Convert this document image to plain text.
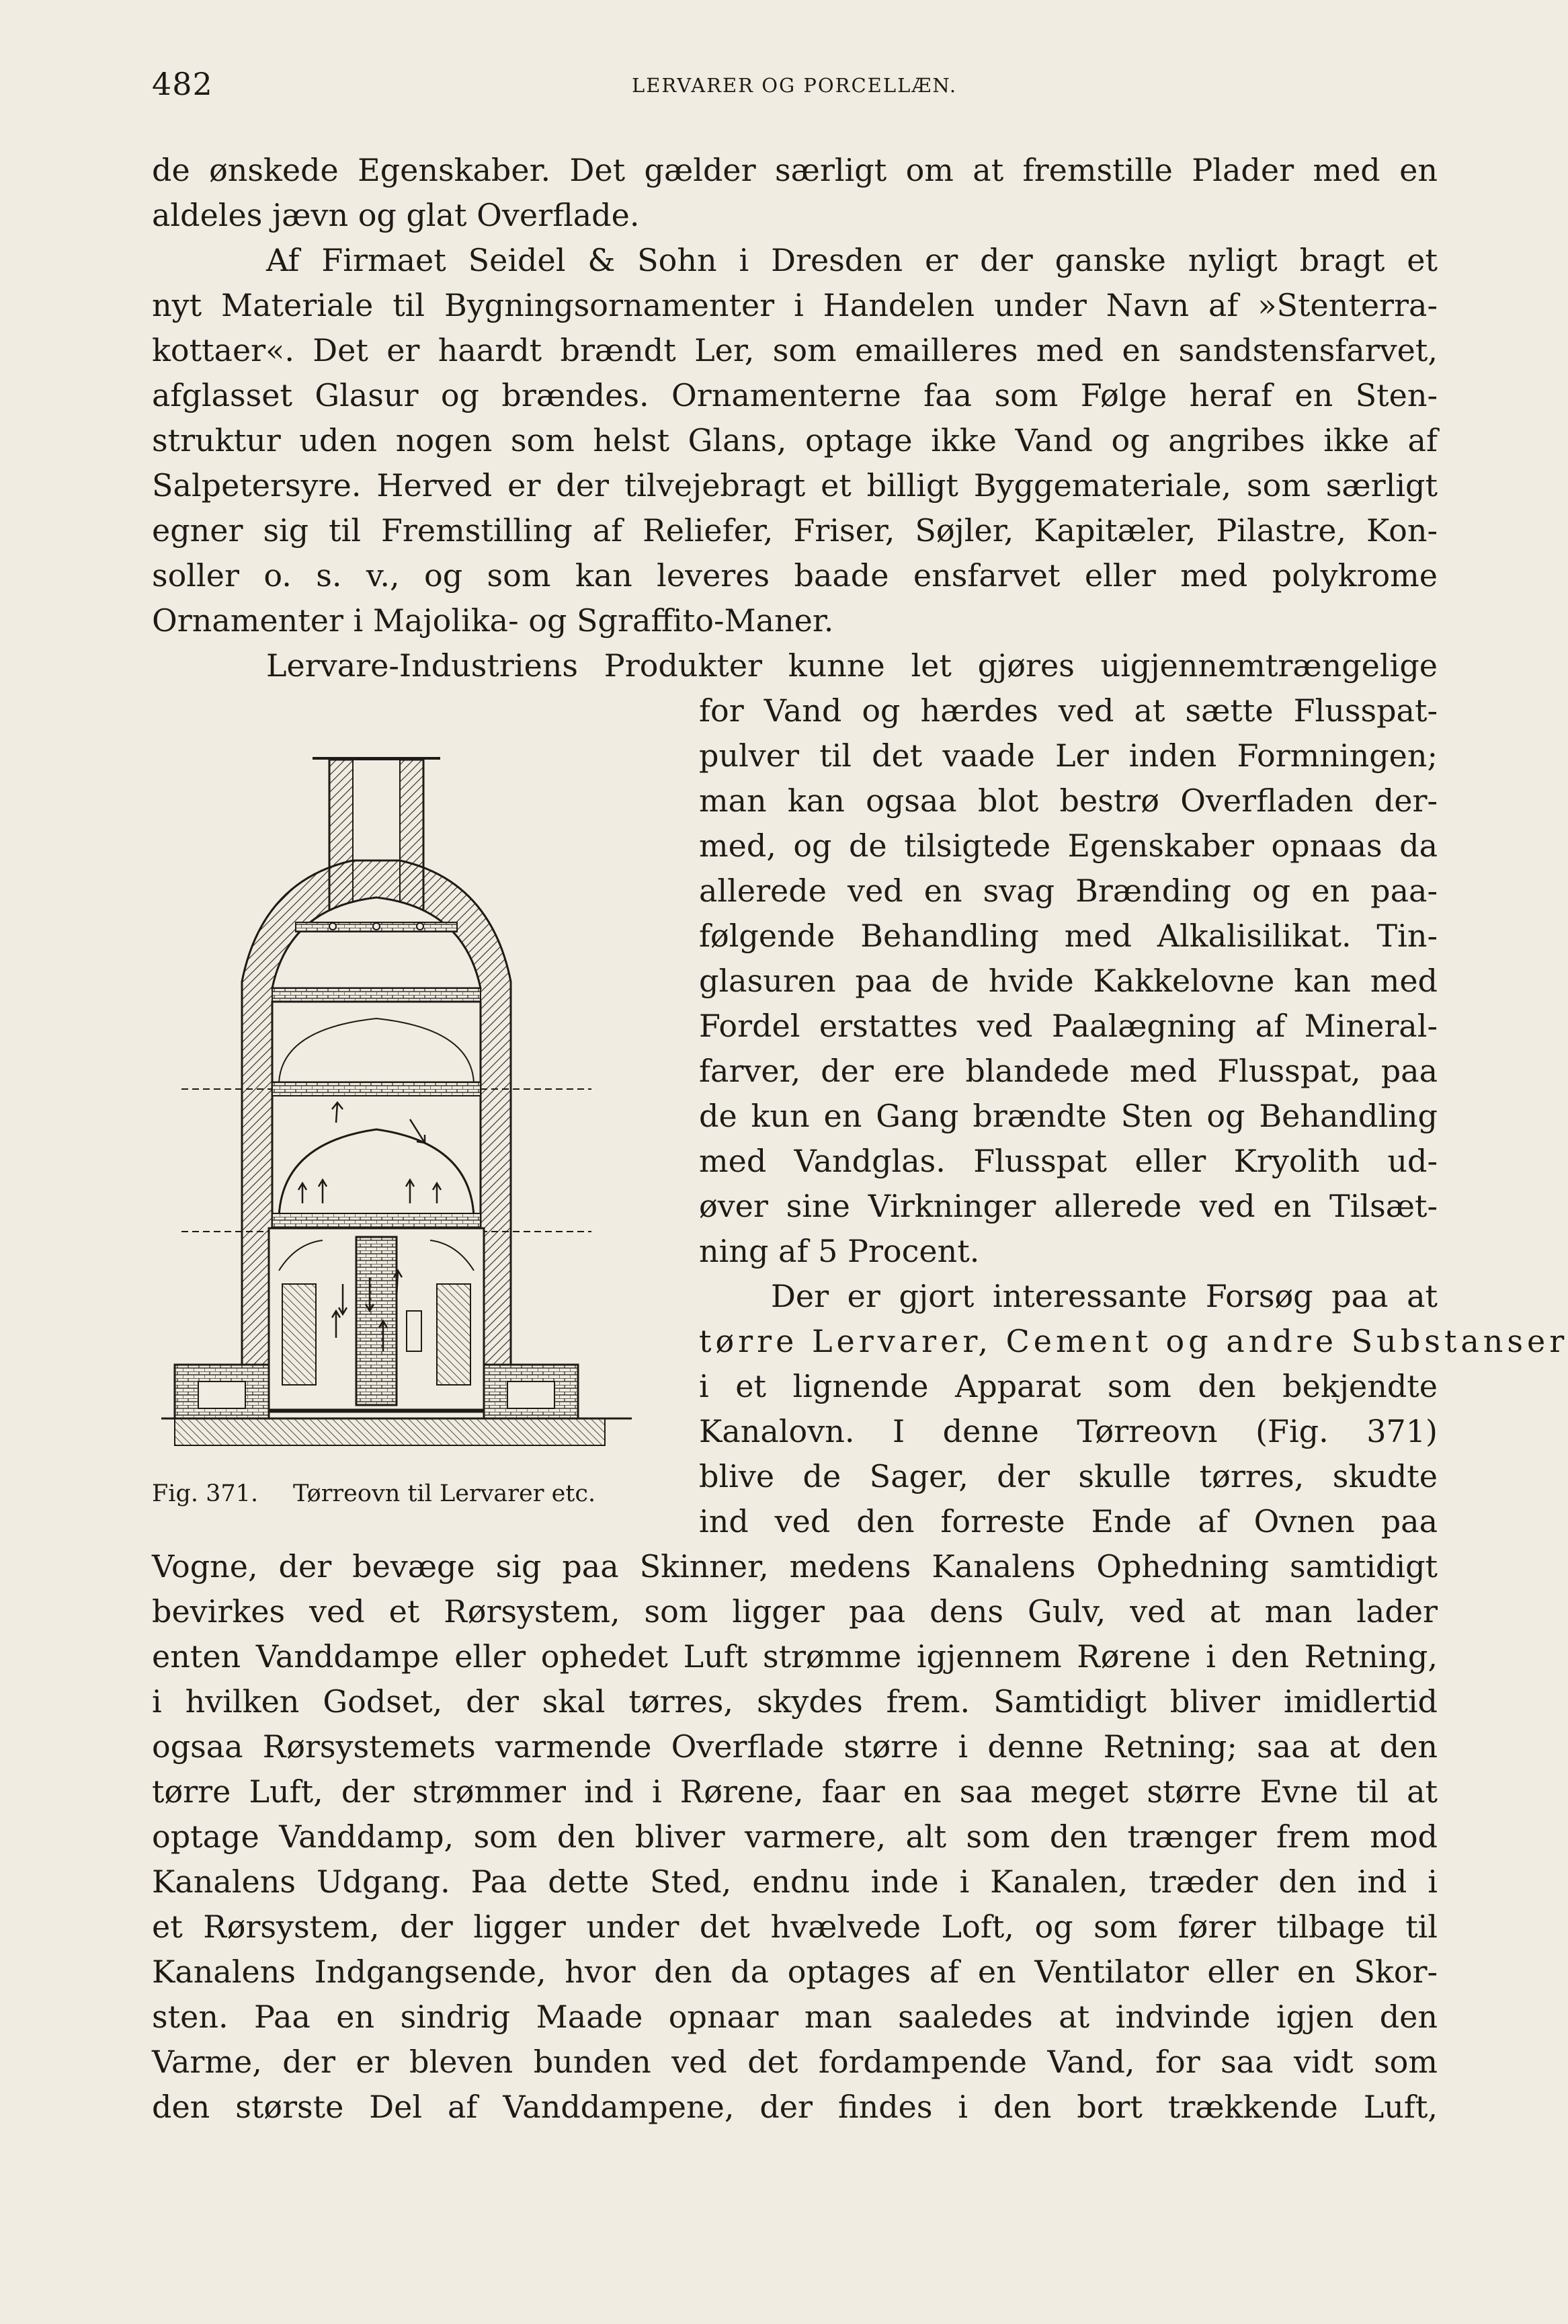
482	LERVARER OG PORCELLÆN.
de ønskede Egenskaber. Det gælder særligt om at fremstille Plader med en
aldeles jævn og glat Overflade.
Af Firmaet Seidel & Sohn i Dresden er der ganske nyligt bragt et
nyt Materiale til Bygningsornamenter i Handelen under Navn af »Stenterra-
kottaer«. Det er haardt brændt Ler, som emailleres med en sandstensfarvet,
afglasset Glasur og brændes. Ornamenterne faa som Følge heraf en Sten-
struktur uden nogen som helst Glans, optage ikke Vand og angribes ikke af
Salpetersyre. Herved er der tilvejebragt et billigt Byggemateriale, som særligt
egner sig til Fremstilling af Reliefer, Friser, Søjler, Kapitæler, Pilastre, Kon-
soller o. s. v., og som kan leveres baade ensfarvet eller med polykrome
Ornamenter i Majolika- og Sgraffito-Maner.
Lervare-Industriens Produkter kunne let gjøres uigjennemtrængelige
for Vand og hærdes ved at sætte Flusspat-
pulver til det vaade Ler inden Formningen;
man kan ogsaa blot bestrø Overfladen der-
med, og de tilsigtede Egenskaber opnaas da
allerede ved en svag Brænding og en paa-
følgende Behandling med Alkalisilikat. Tin-
glasuren paa de hvide Kakkelovne kan med
Fordel erstattes ved Paalægning af Mineral-
farver, der ere blandede med Flusspat, paa
de kun en Gang brændte Sten og Behandling
med Vandglas. Flusspat eller Kryolith ud-
øver sine Virkninger allerede ved en Tilsæt-
ning af 5 Procent.
Der er gjort interessante Forsøg paa at
tørre Lervarer, Cement og andre Substanser
i et lignende Apparat som den bekjendte
Kanalovn. I denne Tørreovn (Fig. 371)
blive de Sager, der skulle tørres, skudte
ind ved den forreste Ende af Ovnen paa
Vogne, der bevæge sig paa Skinner, medens Kanalens Ophedning samtidigt
bevirkes ved et Rørsystem, som ligger paa dens Gulv, ved at man lader
enten Vanddampe eller ophedet Luft strømme igjennem Rørene i den Retning,
i hvilken Godset, der skal tørres, skydes frem. Samtidigt bliver imidlertid
ogsaa Rørsystemets varmende Overflade større i denne Retning; saa at den
tørre Luft, der strømmer ind i Rørene, faar en saa meget større Evne til at
optage Vanddamp, som den bliver varmere, alt som den trænger frem mod
Kanalens Udgang. Paa dette Sted, endnu inde i Kanalen, træder den ind i
et Rørsystem, der ligger under det hvælvede Loft, og som fører tilbage til
Kanalens Indgangsende, hvor den da optages af en Ventilator eller en Skor-
sten. Paa en sindrig Maade opnaar man saaledes at indvinde igjen den
Varme, der er bleven bunden ved det fordampende Vand, for saa vidt som
den største Del af Vanddampene, der findes i den bort trækkende Luft,
Fig. 371. Tørreovn til Lervarer etc.
